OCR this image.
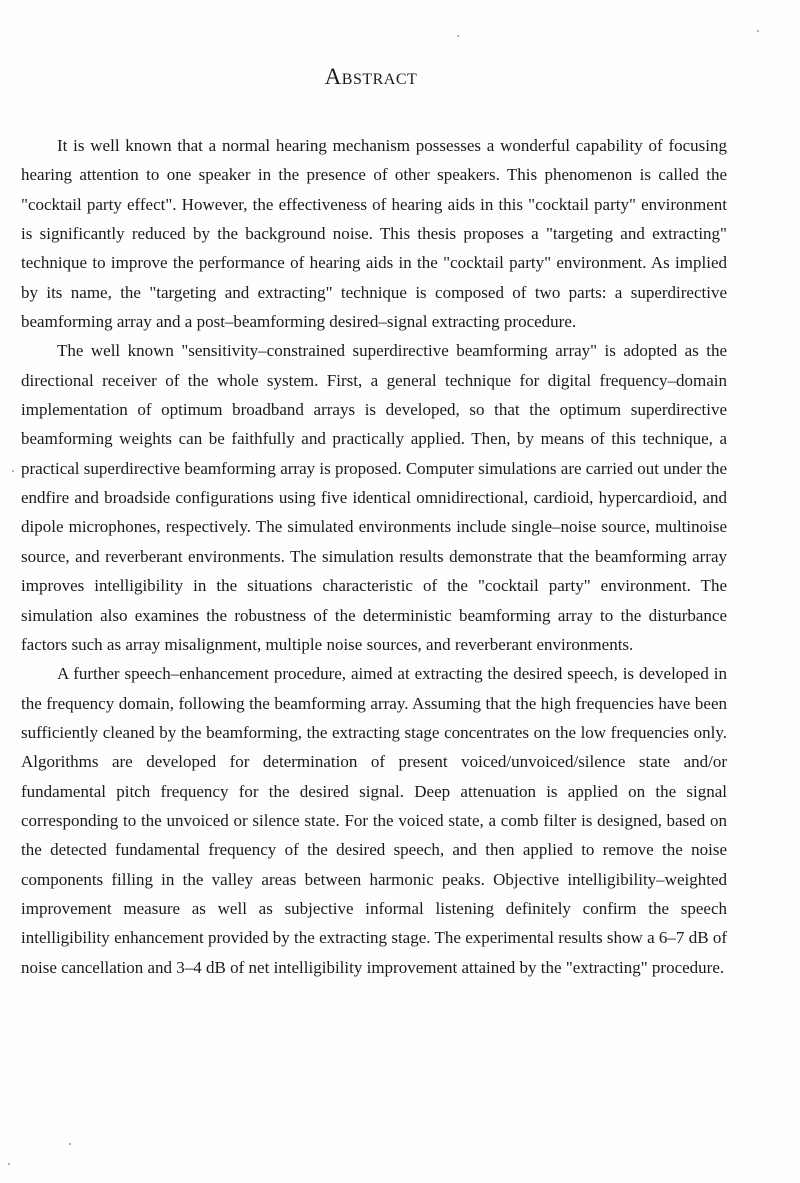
Abstract

It is well known that a normal hearing mechanism possesses a wonderful capability of focusing hearing attention to one speaker in the presence of other speakers. This phenomenon is called the "cocktail party effect". However, the effectiveness of hearing aids in this "cocktail party" environment is significantly reduced by the background noise. This thesis proposes a "targeting and extracting" technique to improve the performance of hearing aids in the "cocktail party" environment. As implied by its name, the "targeting and extracting" technique is composed of two parts: a superdirective beamforming array and a post–beamforming desired–signal extracting procedure.

The well known "sensitivity–constrained superdirective beamforming array" is adopted as the directional receiver of the whole system. First, a general technique for digital frequency–domain implementation of optimum broadband arrays is developed, so that the optimum superdirective beamforming weights can be faithfully and practically applied. Then, by means of this technique, a practical superdirective beamforming array is proposed. Computer simulations are carried out under the endfire and broadside configurations using five identical omnidirectional, cardioid, hypercardioid, and dipole microphones, respectively. The simulated environments include single–noise source, multinoise source, and reverberant environments. The simulation results demonstrate that the beamforming array improves intelligibility in the situations characteristic of the "cocktail party" environment. The simulation also examines the robustness of the deterministic beamforming array to the disturbance factors such as array misalignment, multiple noise sources, and reverberant environments.

A further speech–enhancement procedure, aimed at extracting the desired speech, is developed in the frequency domain, following the beamforming array. Assuming that the high frequencies have been sufficiently cleaned by the beamforming, the extracting stage concentrates on the low frequencies only. Algorithms are developed for determination of present voiced/unvoiced/silence state and/or fundamental pitch frequency for the desired signal. Deep attenuation is applied on the signal corresponding to the unvoiced or silence state. For the voiced state, a comb filter is designed, based on the detected fundamental frequency of the desired speech, and then applied to remove the noise components filling in the valley areas between harmonic peaks. Objective intelligibility–weighted improvement measure as well as subjective informal listening definitely confirm the speech intelligibility enhancement provided by the extracting stage. The experimental results show a 6–7 dB of noise cancellation and 3–4 dB of net intelligibility improvement attained by the "extracting" procedure.
